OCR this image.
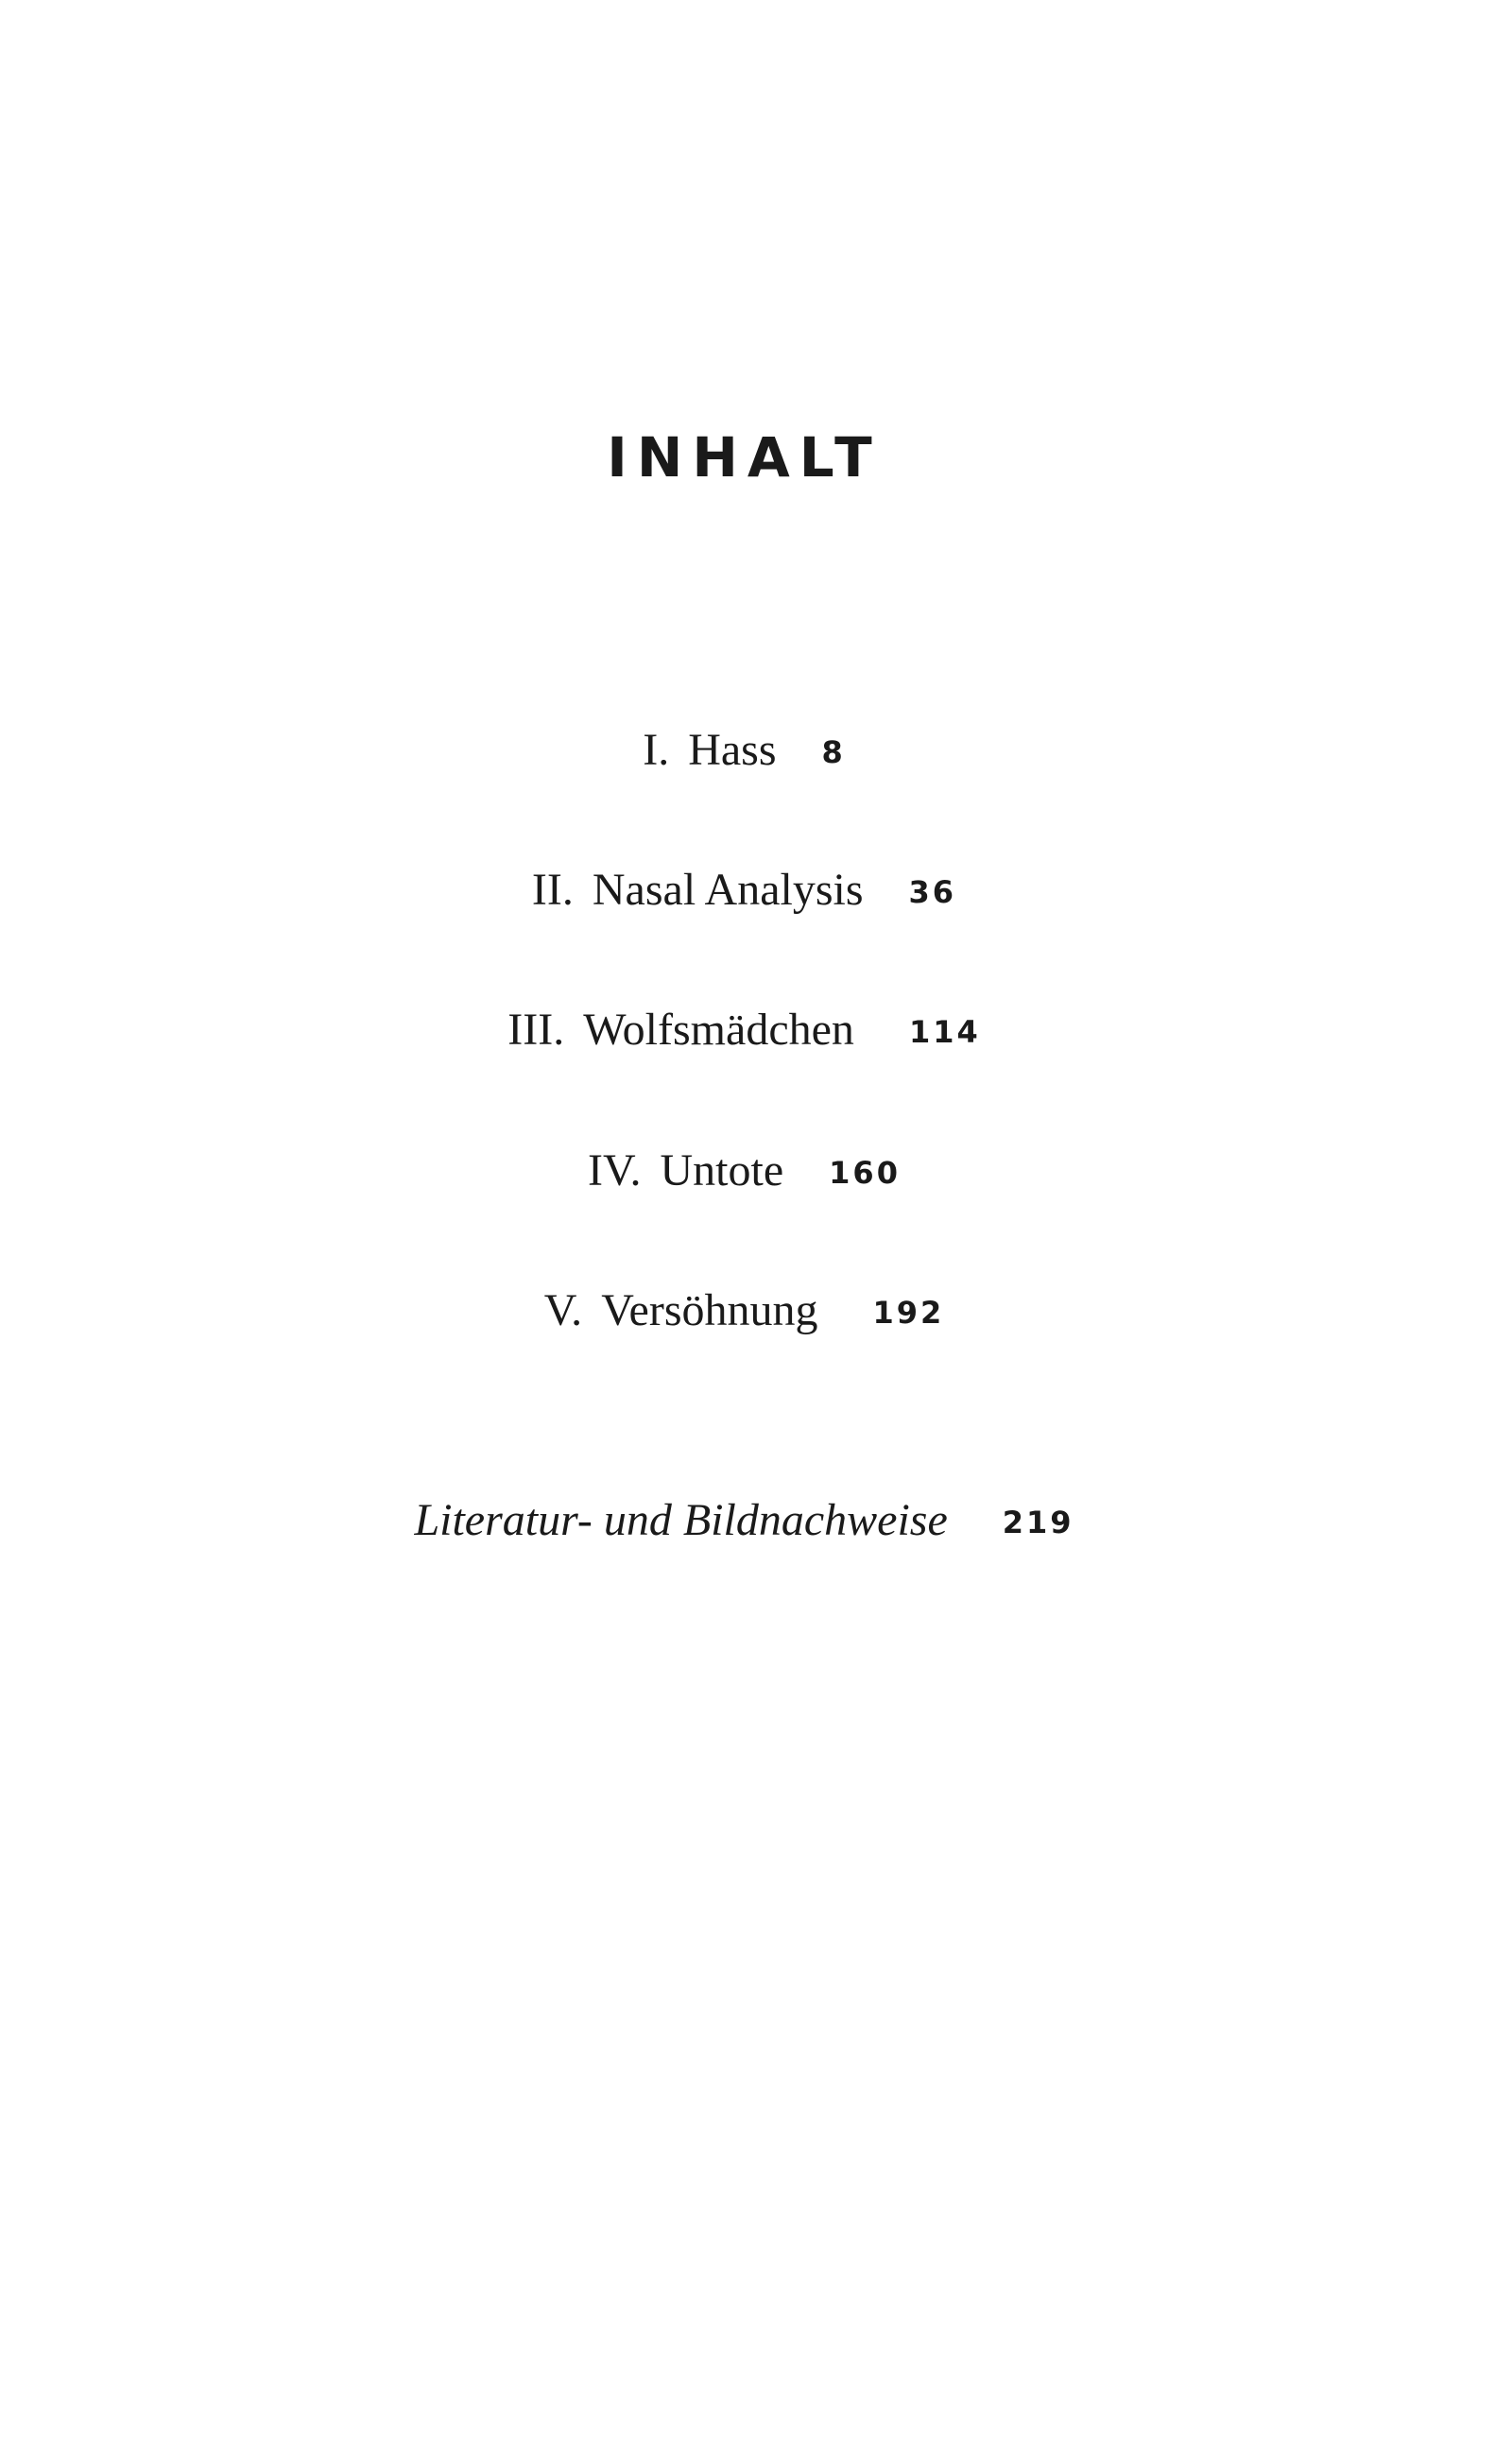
INHALT
I. Hass 8
II. Nasal Analysis 36
III. Wolfsmädchen 114
IV. Untote 160
V. Versöhnung 192
Literatur- und Bildnachweise 219
